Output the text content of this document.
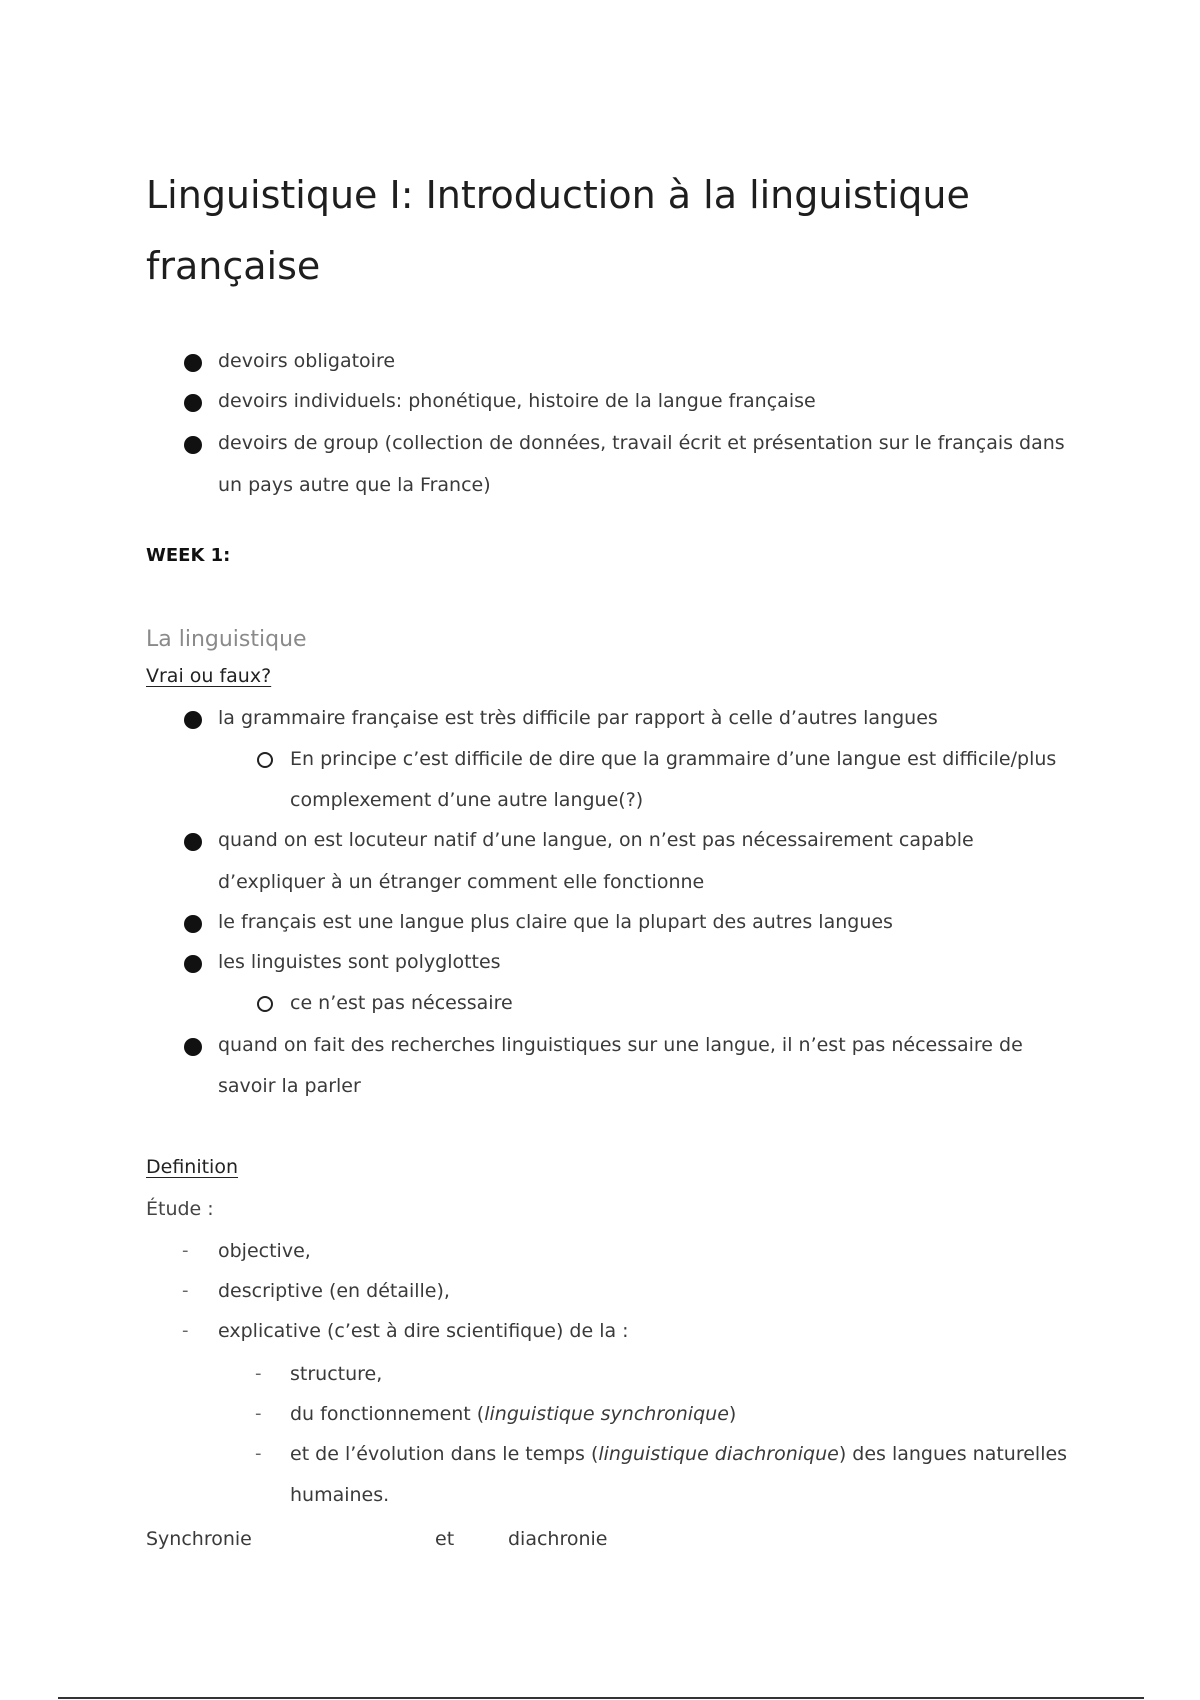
Linguistique I: Introduction à la linguistique
française
devoirs obligatoire
devoirs individuels: phonétique, histoire de la langue française
devoirs de group (collection de données, travail écrit et présentation sur le français dans
un pays autre que la France)
WEEK 1:
La linguistique
Vrai ou faux?
la grammaire française est très difficile par rapport à celle d’autres langues
En principe c’est difficile de dire que la grammaire d’une langue est difficile/plus
complexement d’une autre langue(?)
quand on est locuteur natif d’une langue, on n’est pas nécessairement capable
d’expliquer à un étranger comment elle fonctionne
le français est une langue plus claire que la plupart des autres langues
les linguistes sont polyglottes
ce n’est pas nécessaire
quand on fait des recherches linguistiques sur une langue, il n’est pas nécessaire de
savoir la parler
Definition
Étude :
- objective,
- descriptive (en détaille),
- explicative (c’est à dire scientifique) de la :
- structure,
- du fonctionnement (linguistique synchronique)
- et de l’évolution dans le temps (linguistique diachronique) des langues naturelles
humaines.
Synchronie	et	diachronie
